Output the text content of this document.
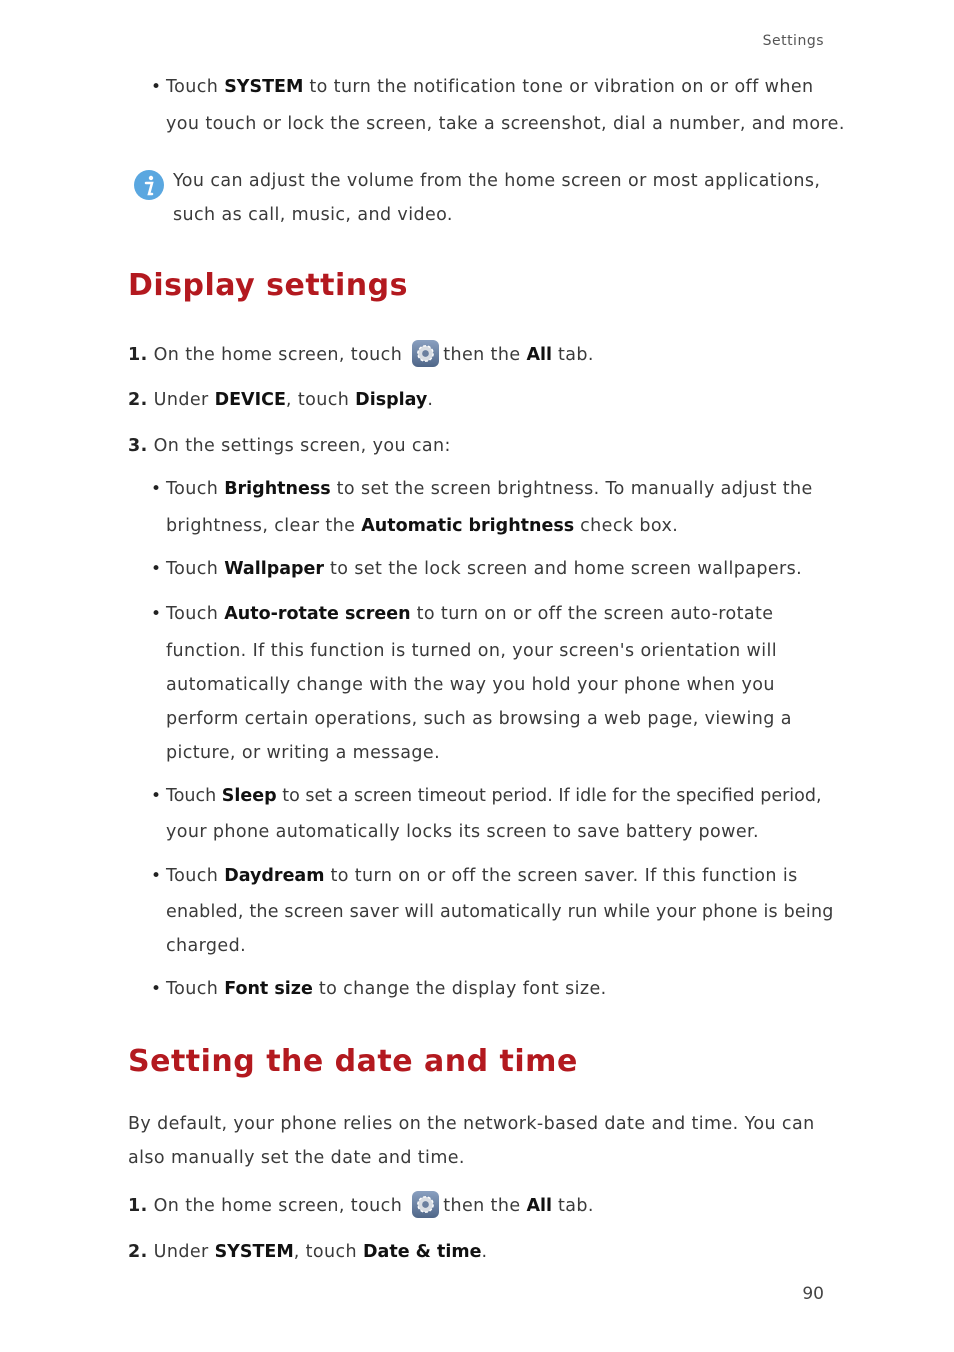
Settings
• Touch SYSTEM to turn the notification tone or vibration on or off when
you touch or lock the screen, take a screenshot, dial a number, and more.
You can adjust the volume from the home screen or most applications,
such as call, music, and video.
Display settings
1. On the home screen, touch then the All tab.
2. Under DEVICE, touch Display.
3. On the settings screen, you can:
• Touch Brightness to set the screen brightness. To manually adjust the
brightness, clear the Automatic brightness check box.
• Touch Wallpaper to set the lock screen and home screen wallpapers.
• Touch Auto-rotate screen to turn on or off the screen auto-rotate
function. If this function is turned on, your screen's orientation will
automatically change with the way you hold your phone when you
perform certain operations, such as browsing a web page, viewing a
picture, or writing a message.
• Touch Sleep to set a screen timeout period. If idle for the specified period,
your phone automatically locks its screen to save battery power.
• Touch Daydream to turn on or off the screen saver. If this function is
enabled, the screen saver will automatically run while your phone is being
charged.
• Touch Font size to change the display font size.
Setting the date and time
By default, your phone relies on the network-based date and time. You can
also manually set the date and time.
1. On the home screen, touch then the All tab.
2. Under SYSTEM, touch Date & time.
90
